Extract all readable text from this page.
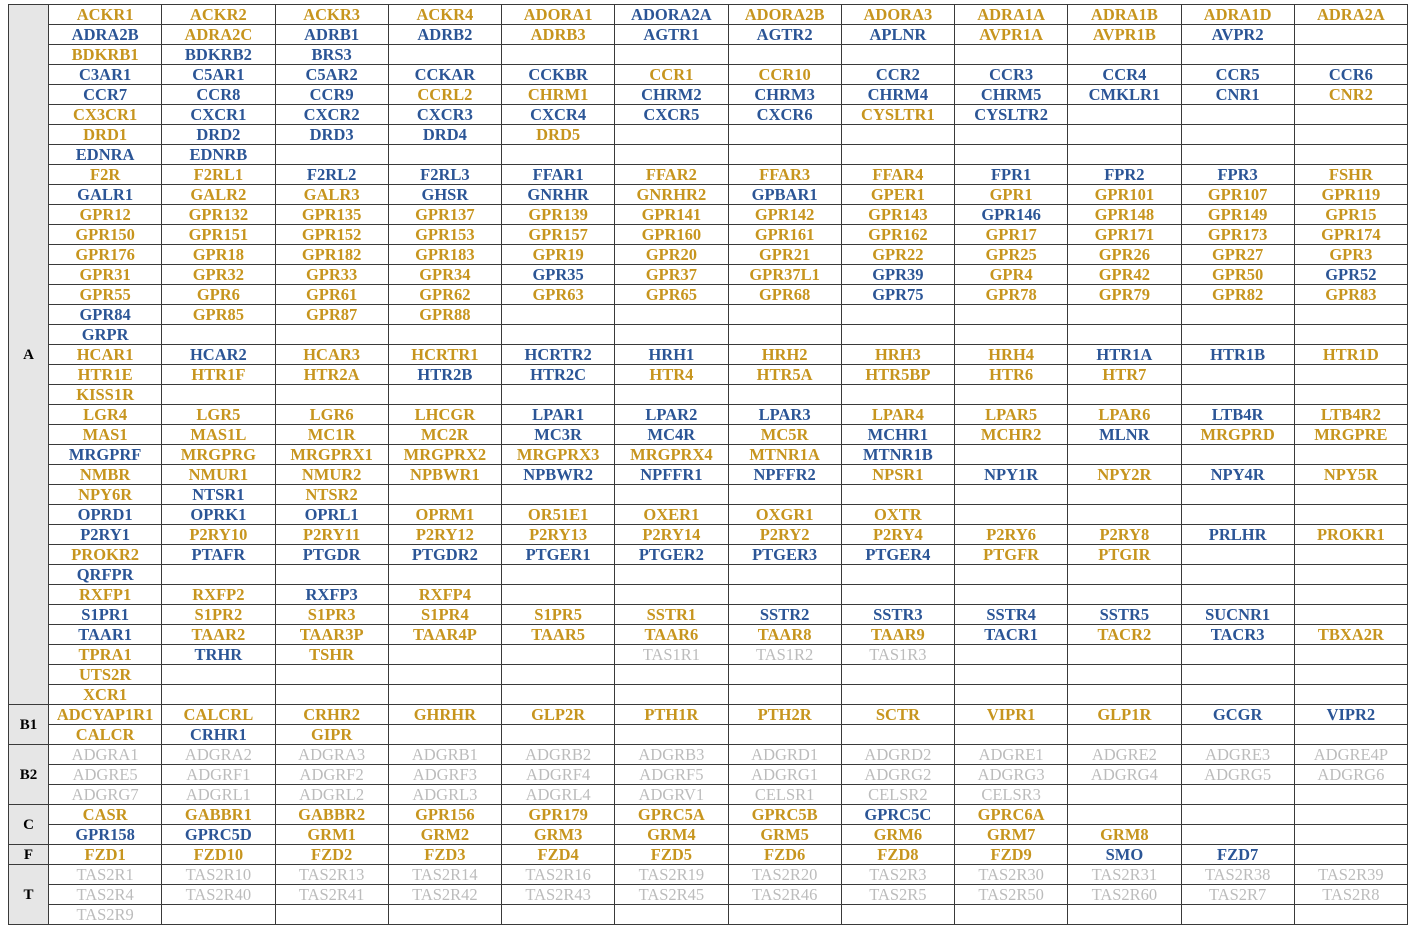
A	ACKR1	ACKR2	ACKR3	ACKR4	ADORA1	ADORA2A	ADORA2B	ADORA3	ADRA1A	ADRA1B	ADRA1D	ADRA2A
	ADRA2B	ADRA2C	ADRB1	ADRB2	ADRB3	AGTR1	AGTR2	APLNR	AVPR1A	AVPR1B	AVPR2	
	BDKRB1	BDKRB2	BRS3									
	C3AR1	C5AR1	C5AR2	CCKAR	CCKBR	CCR1	CCR10	CCR2	CCR3	CCR4	CCR5	CCR6
	CCR7	CCR8	CCR9	CCRL2	CHRM1	CHRM2	CHRM3	CHRM4	CHRM5	CMKLR1	CNR1	CNR2
	CX3CR1	CXCR1	CXCR2	CXCR3	CXCR4	CXCR5	CXCR6	CYSLTR1	CYSLTR2			
	DRD1	DRD2	DRD3	DRD4	DRD5							
	EDNRA	EDNRB										
	F2R	F2RL1	F2RL2	F2RL3	FFAR1	FFAR2	FFAR3	FFAR4	FPR1	FPR2	FPR3	FSHR
	GALR1	GALR2	GALR3	GHSR	GNRHR	GNRHR2	GPBAR1	GPER1	GPR1	GPR101	GPR107	GPR119
	GPR12	GPR132	GPR135	GPR137	GPR139	GPR141	GPR142	GPR143	GPR146	GPR148	GPR149	GPR15
	GPR150	GPR151	GPR152	GPR153	GPR157	GPR160	GPR161	GPR162	GPR17	GPR171	GPR173	GPR174
	GPR176	GPR18	GPR182	GPR183	GPR19	GPR20	GPR21	GPR22	GPR25	GPR26	GPR27	GPR3
	GPR31	GPR32	GPR33	GPR34	GPR35	GPR37	GPR37L1	GPR39	GPR4	GPR42	GPR50	GPR52
	GPR55	GPR6	GPR61	GPR62	GPR63	GPR65	GPR68	GPR75	GPR78	GPR79	GPR82	GPR83
	GPR84	GPR85	GPR87	GPR88								
	GRPR											
	HCAR1	HCAR2	HCAR3	HCRTR1	HCRTR2	HRH1	HRH2	HRH3	HRH4	HTR1A	HTR1B	HTR1D
	HTR1E	HTR1F	HTR2A	HTR2B	HTR2C	HTR4	HTR5A	HTR5BP	HTR6	HTR7		
	KISS1R											
	LGR4	LGR5	LGR6	LHCGR	LPAR1	LPAR2	LPAR3	LPAR4	LPAR5	LPAR6	LTB4R	LTB4R2
	MAS1	MAS1L	MC1R	MC2R	MC3R	MC4R	MC5R	MCHR1	MCHR2	MLNR	MRGPRD	MRGPRE
	MRGPRF	MRGPRG	MRGPRX1	MRGPRX2	MRGPRX3	MRGPRX4	MTNR1A	MTNR1B				
	NMBR	NMUR1	NMUR2	NPBWR1	NPBWR2	NPFFR1	NPFFR2	NPSR1	NPY1R	NPY2R	NPY4R	NPY5R
	NPY6R	NTSR1	NTSR2									
	OPRD1	OPRK1	OPRL1	OPRM1	OR51E1	OXER1	OXGR1	OXTR				
	P2RY1	P2RY10	P2RY11	P2RY12	P2RY13	P2RY14	P2RY2	P2RY4	P2RY6	P2RY8	PRLHR	PROKR1
	PROKR2	PTAFR	PTGDR	PTGDR2	PTGER1	PTGER2	PTGER3	PTGER4	PTGFR	PTGIR		
	QRFPR											
	RXFP1	RXFP2	RXFP3	RXFP4								
	S1PR1	S1PR2	S1PR3	S1PR4	S1PR5	SSTR1	SSTR2	SSTR3	SSTR4	SSTR5	SUCNR1	
	TAAR1	TAAR2	TAAR3P	TAAR4P	TAAR5	TAAR6	TAAR8	TAAR9	TACR1	TACR2	TACR3	TBXA2R
	TPRA1	TRHR	TSHR			TAS1R1	TAS1R2	TAS1R3				
	UTS2R											
	XCR1											
B1	ADCYAP1R1	CALCRL	CRHR2	GHRHR	GLP2R	PTH1R	PTH2R	SCTR	VIPR1	GLP1R	GCGR	VIPR2
	CALCR	CRHR1	GIPR									
B2	ADGRA1	ADGRA2	ADGRA3	ADGRB1	ADGRB2	ADGRB3	ADGRD1	ADGRD2	ADGRE1	ADGRE2	ADGRE3	ADGRE4P
	ADGRE5	ADGRF1	ADGRF2	ADGRF3	ADGRF4	ADGRF5	ADGRG1	ADGRG2	ADGRG3	ADGRG4	ADGRG5	ADGRG6
	ADGRG7	ADGRL1	ADGRL2	ADGRL3	ADGRL4	ADGRV1	CELSR1	CELSR2	CELSR3			
C	CASR	GABBR1	GABBR2	GPR156	GPR179	GPRC5A	GPRC5B	GPRC5C	GPRC6A			
	GPR158	GPRC5D	GRM1	GRM2	GRM3	GRM4	GRM5	GRM6	GRM7	GRM8		
F	FZD1	FZD10	FZD2	FZD3	FZD4	FZD5	FZD6	FZD8	FZD9	SMO	FZD7	
T	TAS2R1	TAS2R10	TAS2R13	TAS2R14	TAS2R16	TAS2R19	TAS2R20	TAS2R3	TAS2R30	TAS2R31	TAS2R38	TAS2R39
	TAS2R4	TAS2R40	TAS2R41	TAS2R42	TAS2R43	TAS2R45	TAS2R46	TAS2R5	TAS2R50	TAS2R60	TAS2R7	TAS2R8
	TAS2R9											
